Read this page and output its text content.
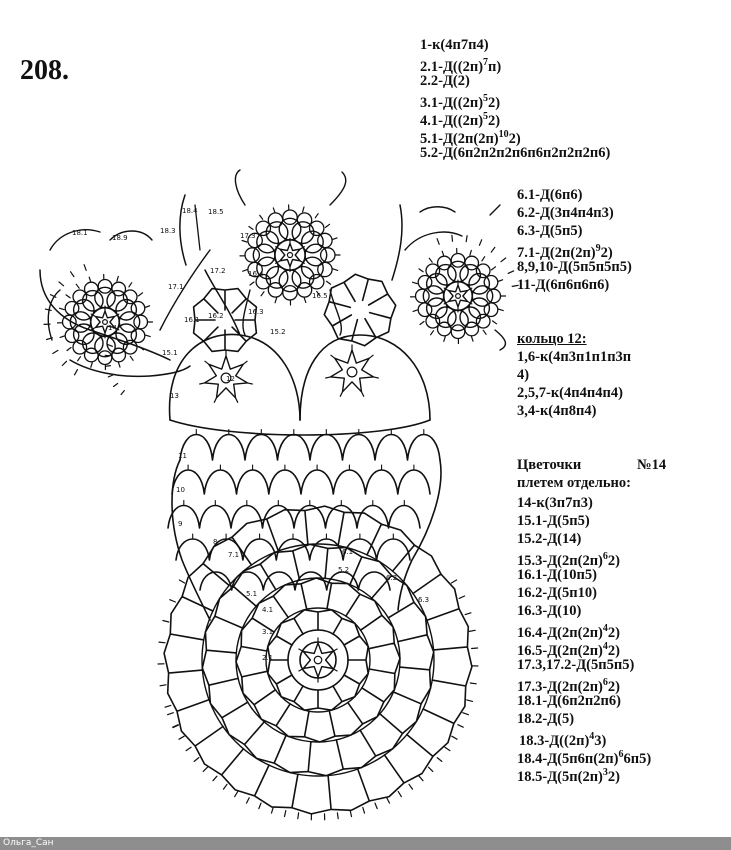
8
9
10
11
12
13
14
18.1
18.9
18.3
18.4 18.5
17.1
17.2
17.3
16.1 16.2	16.3
16.4
16.5
15.1
15.2
7.1	6.1
6.2
6.3
5.1
5.2
4.1
3.1
2.1
208.
1-к(4п7п4)
$2.1-Д((2п)^7п)$
2.2-Д(2)
$3.1-Д((2п)^52)$
$4.1-Д((2п)^52)$
$5.1-Д(2п(2п)^{10}2)$
5.2-Д(6п2п2п2п6п6п2п2п2п6)
6.1-Д(6п6)
6.2-Д(3п4п4п3)
6.3-Д(5п5)
$7.1-Д(2п(2п)^92)$
8,9,10-Д(5п5п5п5)
11-Д(6п6п6п6)
кольцо 12:
1,6-к(4п3п1п1п3п
4)
2,5,7-к(4п4п4п4)
3,4-к(4п8п4)
Цветочки	№14
плетем отдельно:
14-к(3п7п3)
15.1-Д(5п5)
15.2-Д(14)
$15.3-Д(2п(2п)^62)$
16.1-Д(10п5)
16.2-Д(5п10)
16.3-Д(10)
$16.4-Д(2п(2п)^42)$
$16.5-Д(2п(2п)^42)$
17.3,17.2-Д(5п5п5)
$17.3-Д(2п(2п)^62)$
18.1-Д(6п2п2п6)
18.2-Д(5)
$18.3-Д((2п)^43)$
$18.4-Д(5п6п(2п)^66п5)$
$18.5-Д(5п(2п)^32)$
Ольга_Сан
